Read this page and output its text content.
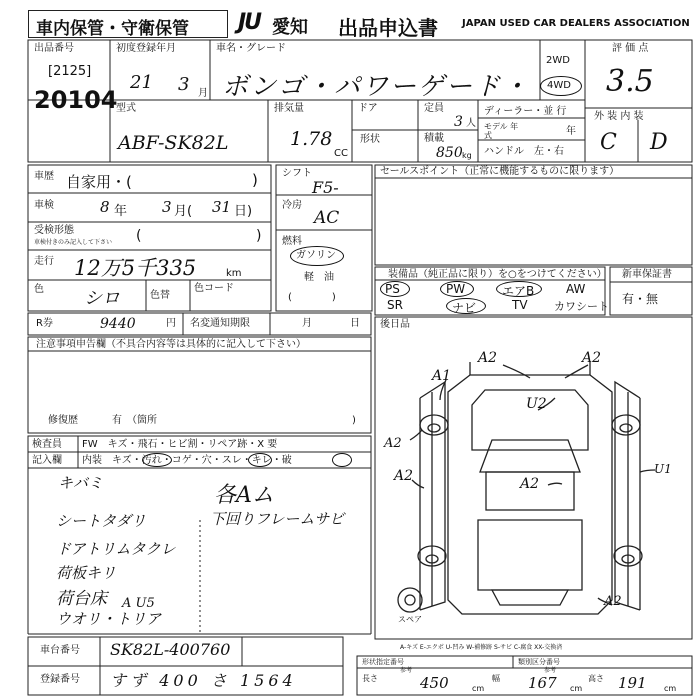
車内保管・守衛保管 JU 愛知 出品申込書 JAPAN USED CAR DEALERS ASSOCIATION
出品番号
[2125]
20104
初度登録年月
21 3 月
車名・グレード
ボンゴ・パワーゲード・
2WD
4WD
評 価 点
3.5
外 装 内 装
C D
型式
ABF-SK82L
排気量
1.78
CC
ドア
形状
定員
3 人
積載
850 kg
ディーラー・並 行
モデル 年式	年
ハンドル　左・右
車歴 自家用・(	)
車検	8 年 3 月( 31 日)
受検形態
車検付きのみ記入して下さい (	)
走行 12万5千335	km
色 シロ	色替
色コード
シフト
F5-
冷房
AC
燃料
ガソリン
軽　油
(　　　　)
セールスポイント（正常に機能するものに限ります）
装備品（純正品に限り）を○をつけてください）
PS	PW	エアB	AW
SR	ナビ	TV カワシート
新車保証書
有・無
R券	9440	円 名変通知期限	月	日 後日品
注意事項申告欄（不具合内容等は具体的に記入して下さい）
修復歴	有　（箇所	)
検査員
記入欄
FW　キズ・飛石・ヒビ割・リペア跡・X 要
内装 キズ・汚れ・コゲ・穴・スレ・キレ・破
キバミ	各Aム
下回りフレームサビ
シートタダリ
ドアトリムタクレ
荷板キリ
荷台床
ウオリ・トリア
A U5
A2	A2
A1
U2
A2
A2	A2
A2
U1
スペア
A-キズ E-エクボ U-凹み W-補修跡 S-サビ C-腐食 XX-交換済
車台番号 SK82L-400760
登録番号 すず 400 さ 1564
形状指定番号
参考
類別区分番号
参考
長さ	450	cm
幅 167 cm
高さ 191 cm
